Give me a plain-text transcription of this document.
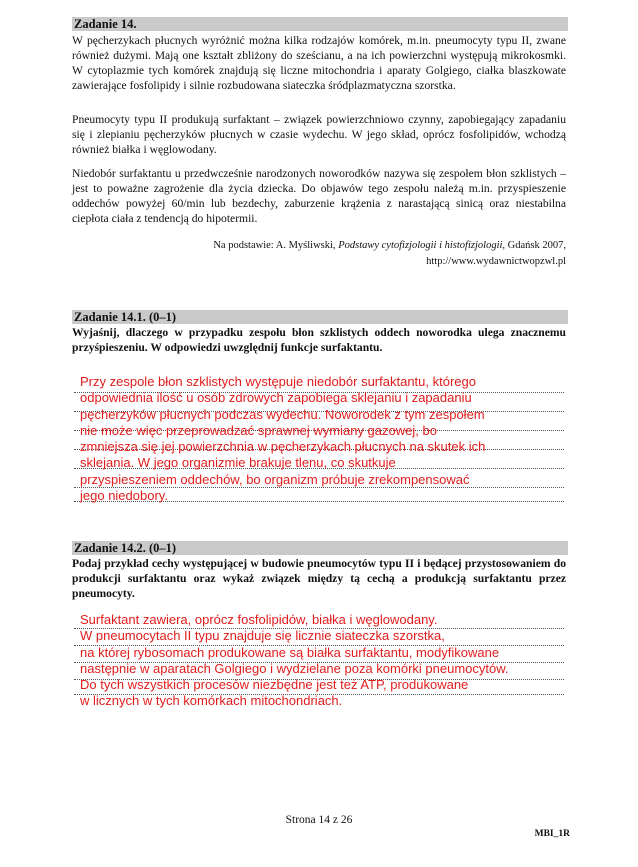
Zadanie 14.
W pęcherzykach płucnych wyróżnić można kilka rodzajów komórek, m.in. pneumocyty typu II, zwane również dużymi. Mają one kształt zbliżony do sześcianu, a na ich powierzchni występują mikrokosmki. W cytoplazmie tych komórek znajdują się liczne mitochondria i aparaty Golgiego, ciałka blaszkowate zawierające fosfolipidy i silnie rozbudowana siateczka śródplazmatyczna szorstka.
Pneumocyty typu II produkują surfaktant – związek powierzchniowo czynny, zapobiegający zapadaniu się i zlepianiu pęcherzyków płucnych w czasie wydechu. W jego skład, oprócz fosfolipidów, wchodzą również białka i węglowodany.
Niedobór surfaktantu u przedwcześnie narodzonych noworodków nazywa się zespołem błon szklistych – jest to poważne zagrożenie dla życia dziecka. Do objawów tego zespołu należą m.in. przyspieszenie oddechów powyżej 60/min lub bezdechy, zaburzenie krążenia z narastającą sinicą oraz niestabilna ciepłota ciała z tendencją do hipotermii.
Na podstawie: A. Myśliwski, Podstawy cytofizjologii i histofizjologii, Gdańsk 2007,
http://www.wydawnictwopzwl.pl
Zadanie 14.1. (0–1)
Wyjaśnij, dlaczego w przypadku zespołu błon szklistych oddech noworodka ulega znacznemu przyśpieszeniu. W odpowiedzi uwzględnij funkcje surfaktantu.
Przy zespole błon szklistych występuje niedobór surfaktantu, którego
odpowiednia ilość u osób zdrowych zapobiega sklejaniu i zapadaniu
pęcherzyków płucnych podczas wydechu. Noworodek z tym zespołem
nie może więc przeprowadzać sprawnej wymiany gazowej, bo
zmniejsza się jej powierzchnia w pęcherzykach płucnych na skutek ich
sklejania. W jego organizmie brakuje tlenu, co skutkuje
przyspieszeniem oddechów, bo organizm próbuje zrekompensować
jego niedobory.
Zadanie 14.2. (0–1)
Podaj przykład cechy występującej w budowie pneumocytów typu II i będącej przystosowaniem do produkcji surfaktantu oraz wykaż związek między tą cechą a produkcją surfaktantu przez pneumocyty.
Surfaktant zawiera, oprócz fosfolipidów, białka i węglowodany.
W pneumocytach II typu znajduje się licznie siateczka szorstka,
na której rybosomach produkowane są białka surfaktantu, modyfikowane
następnie w aparatach Golgiego i wydzielane poza komórki pneumocytów.
Do tych wszystkich procesów niezbędne jest też ATP, produkowane
w licznych w tych komórkach mitochondriach.
Strona 14 z 26
MBI_1R
